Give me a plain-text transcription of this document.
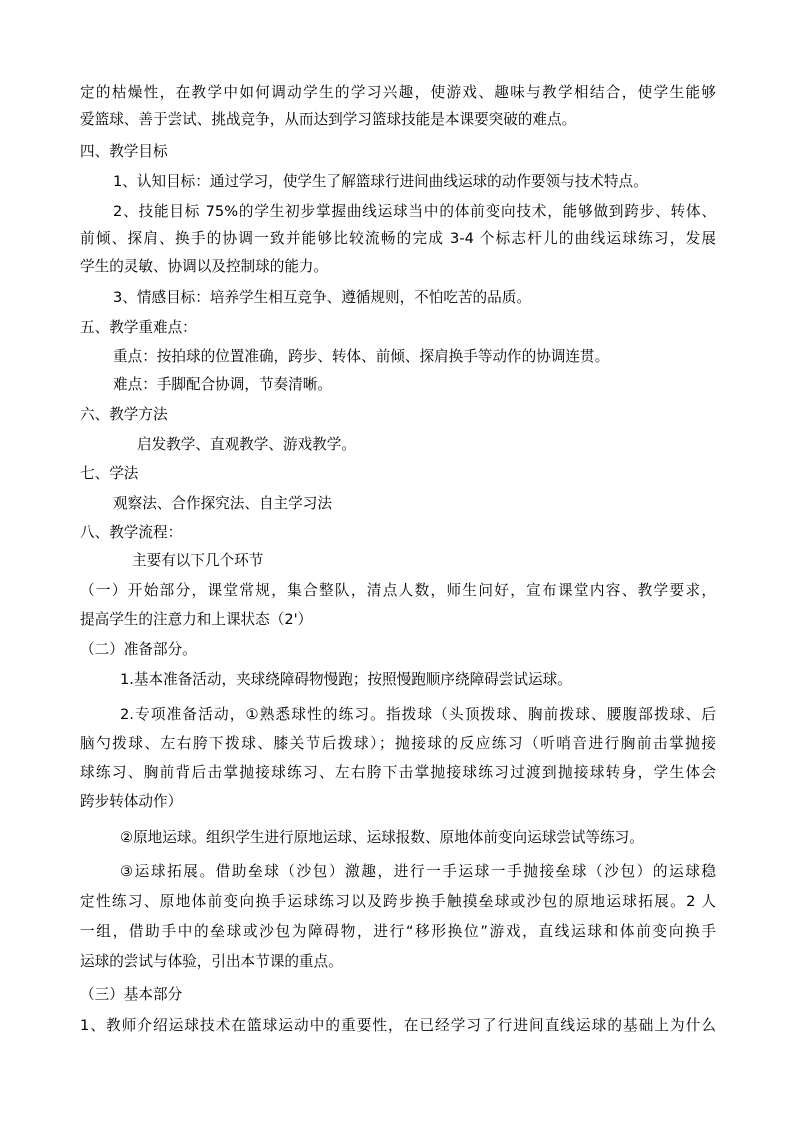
定的枯燥性，在教学中如何调动学生的学习兴趣，使游戏、趣味与教学相结合，使学生能够
爱篮球、善于尝试、挑战竞争，从而达到学习篮球技能是本课要突破的难点。
四、教学目标
1、认知目标：通过学习，使学生了解篮球行进间曲线运球的动作要领与技术特点。
2、技能目标 75%的学生初步掌握曲线运球当中的体前变向技术，能够做到跨步、转体、
前倾、探肩、换手的协调一致并能够比较流畅的完成 3-4 个标志杆儿的曲线运球练习，发展
学生的灵敏、协调以及控制球的能力。
3、情感目标：培养学生相互竞争、遵循规则，不怕吃苦的品质。
五、教学重难点：
重点：按拍球的位置准确，跨步、转体、前倾、探肩换手等动作的协调连贯。
难点：手脚配合协调，节奏清晰。
六、教学方法
启发教学、直观教学、游戏教学。
七、学法
观察法、合作探究法、自主学习法
八、教学流程：
主要有以下几个环节
（一）开始部分，课堂常规，集合整队，清点人数，师生问好，宣布课堂内容、教学要求，
提高学生的注意力和上课状态（2'）
（二）准备部分。
1.基本准备活动，夹球绕障碍物慢跑；按照慢跑顺序绕障碍尝试运球。
2.专项准备活动，①熟悉球性的练习。指拨球（头顶拨球、胸前拨球、腰腹部拨球、后
脑勺拨球、左右胯下拨球、膝关节后拨球）；抛接球的反应练习（听哨音进行胸前击掌抛接
球练习、胸前背后击掌抛接球练习、左右胯下击掌抛接球练习过渡到抛接球转身，学生体会
跨步转体动作）
②原地运球。组织学生进行原地运球、运球报数、原地体前变向运球尝试等练习。
③运球拓展。借助垒球（沙包）激趣，进行一手运球一手抛接垒球（沙包）的运球稳
定性练习、原地体前变向换手运球练习以及跨步换手触摸垒球或沙包的原地运球拓展。2 人
一组，借助手中的垒球或沙包为障碍物，进行“移形换位”游戏，直线运球和体前变向换手
运球的尝试与体验，引出本节课的重点。
（三）基本部分
1、教师介绍运球技术在篮球运动中的重要性，在已经学习了行进间直线运球的基础上为什么
